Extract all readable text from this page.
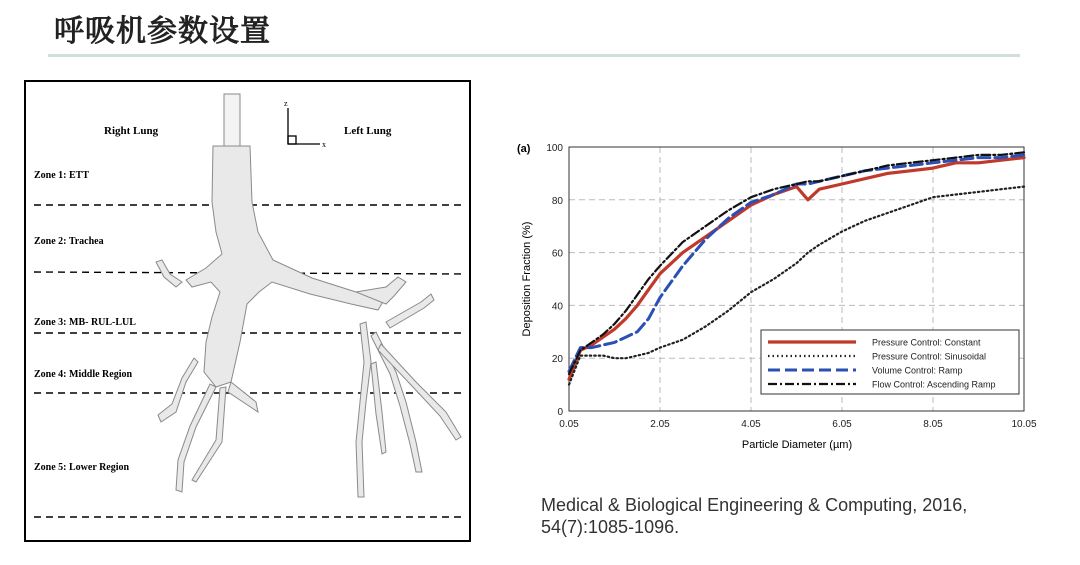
呼吸机参数设置
z
x
Right Lung	Left Lung
Zone 1: ETT
Zone 2: Trachea
Zone 3: MB- RUL-LUL
Zone 4: Middle Region
Zone 5: Lower Region
0.05	2.05	4.05	6.05	8.05	10.05
0
20
40
60
80
100
(a)
Particle Diameter (µm)
Deposition Fraction (%)
Pressure Control: Constant
Pressure Control: Sinusoidal
Volume Control: Ramp
Flow Control: Ascending Ramp
Medical & Biological Engineering & Computing, 2016,
54(7):1085-1096.
